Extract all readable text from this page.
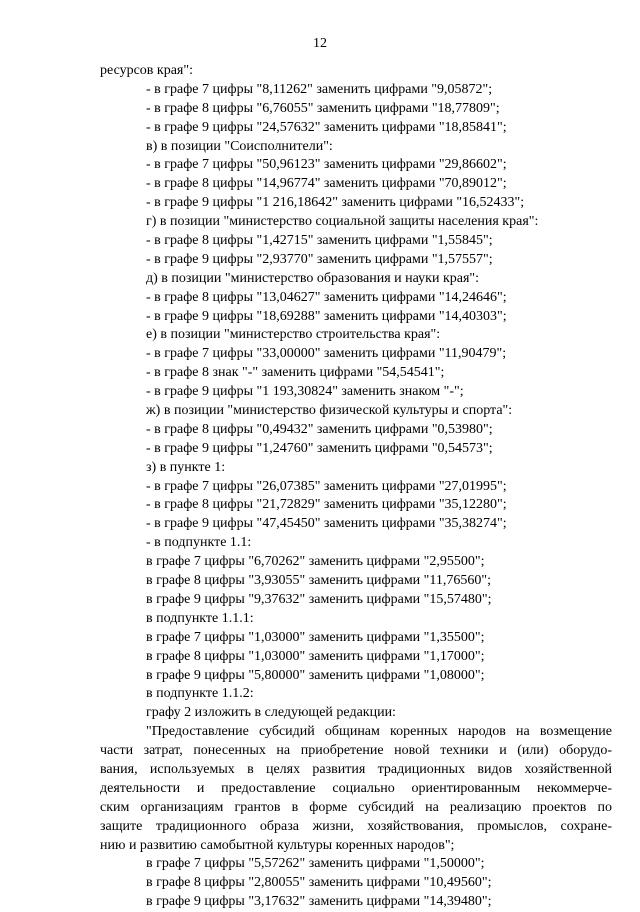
12
ресурсов края":
- в графе 7 цифры "8,11262" заменить цифрами "9,05872";
- в графе 8 цифры "6,76055" заменить цифрами "18,77809";
- в графе 9 цифры "24,57632" заменить цифрами "18,85841";
в) в позиции "Соисполнители":
- в графе 7 цифры "50,96123" заменить цифрами "29,86602";
- в графе 8 цифры "14,96774" заменить цифрами "70,89012";
- в графе 9 цифры "1 216,18642" заменить цифрами "16,52433";
г) в позиции "министерство социальной защиты населения края":
- в графе 8 цифры "1,42715" заменить цифрами "1,55845";
- в графе 9 цифры "2,93770" заменить цифрами "1,57557";
д) в позиции "министерство образования и науки края":
- в графе 8 цифры "13,04627" заменить цифрами "14,24646";
- в графе 9 цифры "18,69288" заменить цифрами "14,40303";
е) в позиции "министерство строительства края":
- в графе 7 цифры "33,00000" заменить цифрами "11,90479";
- в графе 8 знак "-" заменить цифрами "54,54541";
- в графе 9 цифры "1 193,30824" заменить знаком "-";
ж) в позиции "министерство физической культуры и спорта":
- в графе 8 цифры "0,49432" заменить цифрами "0,53980";
- в графе 9 цифры "1,24760" заменить цифрами "0,54573";
з) в пункте 1:
- в графе 7 цифры "26,07385" заменить цифрами "27,01995";
- в графе 8 цифры "21,72829" заменить цифрами "35,12280";
- в графе 9 цифры "47,45450" заменить цифрами "35,38274";
- в подпункте 1.1:
в графе 7 цифры "6,70262" заменить цифрами "2,95500";
в графе 8 цифры "3,93055" заменить цифрами "11,76560";
в графе 9 цифры "9,37632" заменить цифрами "15,57480";
в подпункте 1.1.1:
в графе 7 цифры "1,03000" заменить цифрами "1,35500";
в графе 8 цифры "1,03000" заменить цифрами "1,17000";
в графе 9 цифры "5,80000" заменить цифрами "1,08000";
в подпункте 1.1.2:
графу 2 изложить в следующей редакции:
"Предоставление субсидий общинам коренных народов на возмещение
части затрат, понесенных на приобретение новой техники и (или) оборудо-
вания, используемых в целях развития традиционных видов хозяйственной
деятельности и предоставление социально ориентированным некоммерче-
ским организациям грантов в форме субсидий на реализацию проектов по
защите традиционного образа жизни, хозяйствования, промыслов, сохране-
нию и развитию самобытной культуры коренных народов";
в графе 7 цифры "5,57262" заменить цифрами "1,50000";
в графе 8 цифры "2,80055" заменить цифрами "10,49560";
в графе 9 цифры "3,17632" заменить цифрами "14,39480";
